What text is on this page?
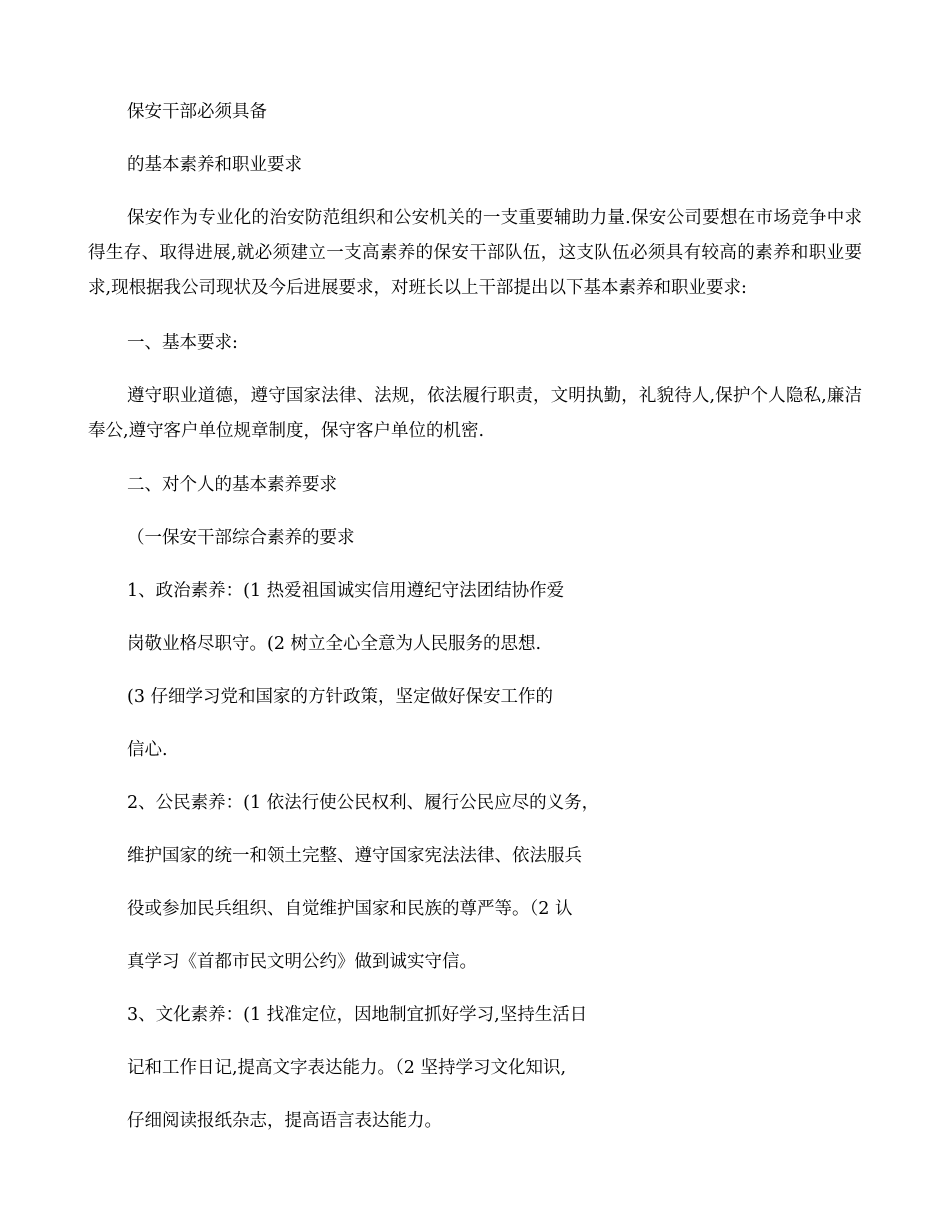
保安干部必须具备
的基本素养和职业要求
保安作为专业化的治安防范组织和公安机关的一支重要辅助力量.保安公司要想在市场竞争中求得生存、取得进展,就必须建立一支高素养的保安干部队伍，这支队伍必须具有较高的素养和职业要求,现根据我公司现状及今后进展要求，对班长以上干部提出以下基本素养和职业要求:
一、基本要求:
遵守职业道德，遵守国家法律、法规，依法履行职责，文明执勤，礼貌待人,保护个人隐私,廉洁奉公,遵守客户单位规章制度，保守客户单位的机密.
二、对个人的基本素养要求
（一保安干部综合素养的要求
1、政治素养：(1 热爱祖国诚实信用遵纪守法团结协作爱
岗敬业格尽职守。(2 树立全心全意为人民服务的思想.
(3 仔细学习党和国家的方针政策，坚定做好保安工作的
信心.
2、公民素养：(1 依法行使公民权利、履行公民应尽的义务，
维护国家的统一和领土完整、遵守国家宪法法律、依法服兵
役或参加民兵组织、自觉维护国家和民族的尊严等。（2 认
真学习《首都市民文明公约》做到诚实守信。
3、文化素养：(1 找准定位，因地制宜抓好学习,坚持生活日
记和工作日记,提高文字表达能力。（2 坚持学习文化知识,
仔细阅读报纸杂志，提高语言表达能力。
